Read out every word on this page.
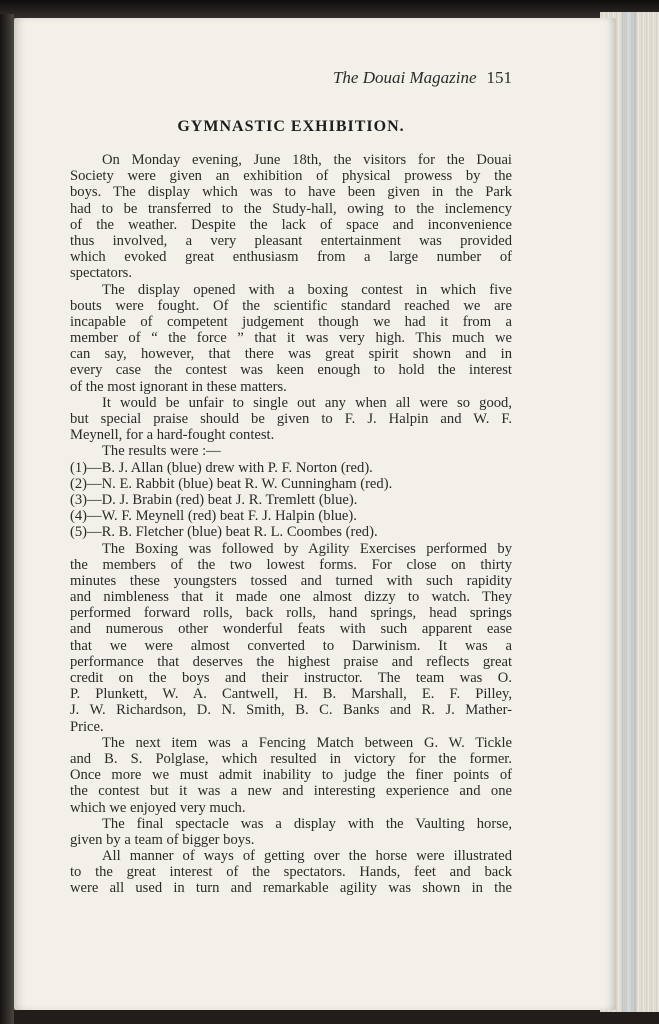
The Douai Magazine 151
GYMNASTIC EXHIBITION.
On Monday evening, June 18th, the visitors for the Douai
Society were given an exhibition of physical prowess by the
boys. The display which was to have been given in the Park
had to be transferred to the Study-hall, owing to the inclemency
of the weather. Despite the lack of space and inconvenience
thus involved, a very pleasant entertainment was provided
which evoked great enthusiasm from a large number of
spectators.
The display opened with a boxing contest in which five
bouts were fought. Of the scientific standard reached we are
incapable of competent judgement though we had it from a
member of “ the force ” that it was very high. This much we
can say, however, that there was great spirit shown and in
every case the contest was keen enough to hold the interest
of the most ignorant in these matters.
It would be unfair to single out any when all were so good,
but special praise should be given to F. J. Halpin and W. F.
Meynell, for a hard-fought contest.
The results were :—
(1)—B. J. Allan (blue) drew with P. F. Norton (red).
(2)—N. E. Rabbit (blue) beat R. W. Cunningham (red).
(3)—D. J. Brabin (red) beat J. R. Tremlett (blue).
(4)—W. F. Meynell (red) beat F. J. Halpin (blue).
(5)—R. B. Fletcher (blue) beat R. L. Coombes (red).
The Boxing was followed by Agility Exercises performed by
the members of the two lowest forms. For close on thirty
minutes these youngsters tossed and turned with such rapidity
and nimbleness that it made one almost dizzy to watch. They
performed forward rolls, back rolls, hand springs, head springs
and numerous other wonderful feats with such apparent ease
that we were almost converted to Darwinism. It was a
performance that deserves the highest praise and reflects great
credit on the boys and their instructor. The team was O.
P. Plunkett, W. A. Cantwell, H. B. Marshall, E. F. Pilley,
J. W. Richardson, D. N. Smith, B. C. Banks and R. J. Mather-
Price.
The next item was a Fencing Match between G. W. Tickle
and B. S. Polglase, which resulted in victory for the former.
Once more we must admit inability to judge the finer points of
the contest but it was a new and interesting experience and one
which we enjoyed very much.
The final spectacle was a display with the Vaulting horse,
given by a team of bigger boys.
All manner of ways of getting over the horse were illustrated
to the great interest of the spectators. Hands, feet and back
were all used in turn and remarkable agility was shown in the
